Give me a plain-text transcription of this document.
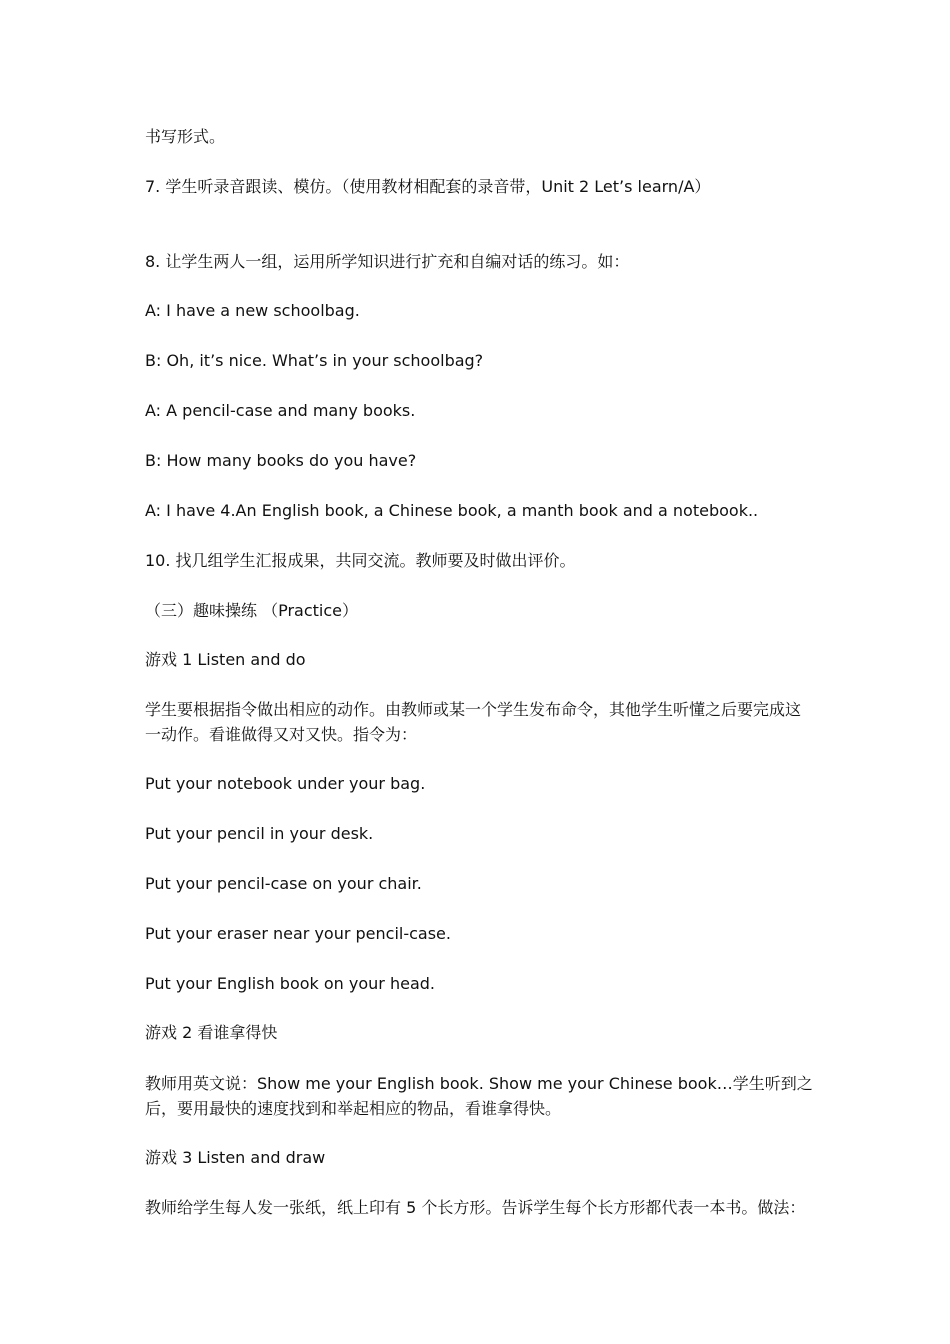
书写形式。
7. 学生听录音跟读、模仿。（使用教材相配套的录音带，Unit 2 Let’s learn/A）
8. 让学生两人一组，运用所学知识进行扩充和自编对话的练习。如：
A: I have a new schoolbag.
B: Oh, it’s nice. What’s in your schoolbag?
A: A pencil-case and many books.
B: How many books do you have?
A: I have 4.An English book, a Chinese book, a manth book and a notebook..
10. 找几组学生汇报成果，共同交流。教师要及时做出评价。
（三）趣味操练 （Practice）
游戏 1 Listen and do
学生要根据指令做出相应的动作。由教师或某一个学生发布命令，其他学生听懂之后要完成这一动作。看谁做得又对又快。指令为：
Put your notebook under your bag.
Put your pencil in your desk.
Put your pencil-case on your chair.
Put your eraser near your pencil-case.
Put your English book on your head.
游戏 2 看谁拿得快
教师用英文说：Show me your English book. Show me your Chinese book…学生听到之后，要用最快的速度找到和举起相应的物品，看谁拿得快。
游戏 3 Listen and draw
教师给学生每人发一张纸，纸上印有 5 个长方形。告诉学生每个长方形都代表一本书。做法：
